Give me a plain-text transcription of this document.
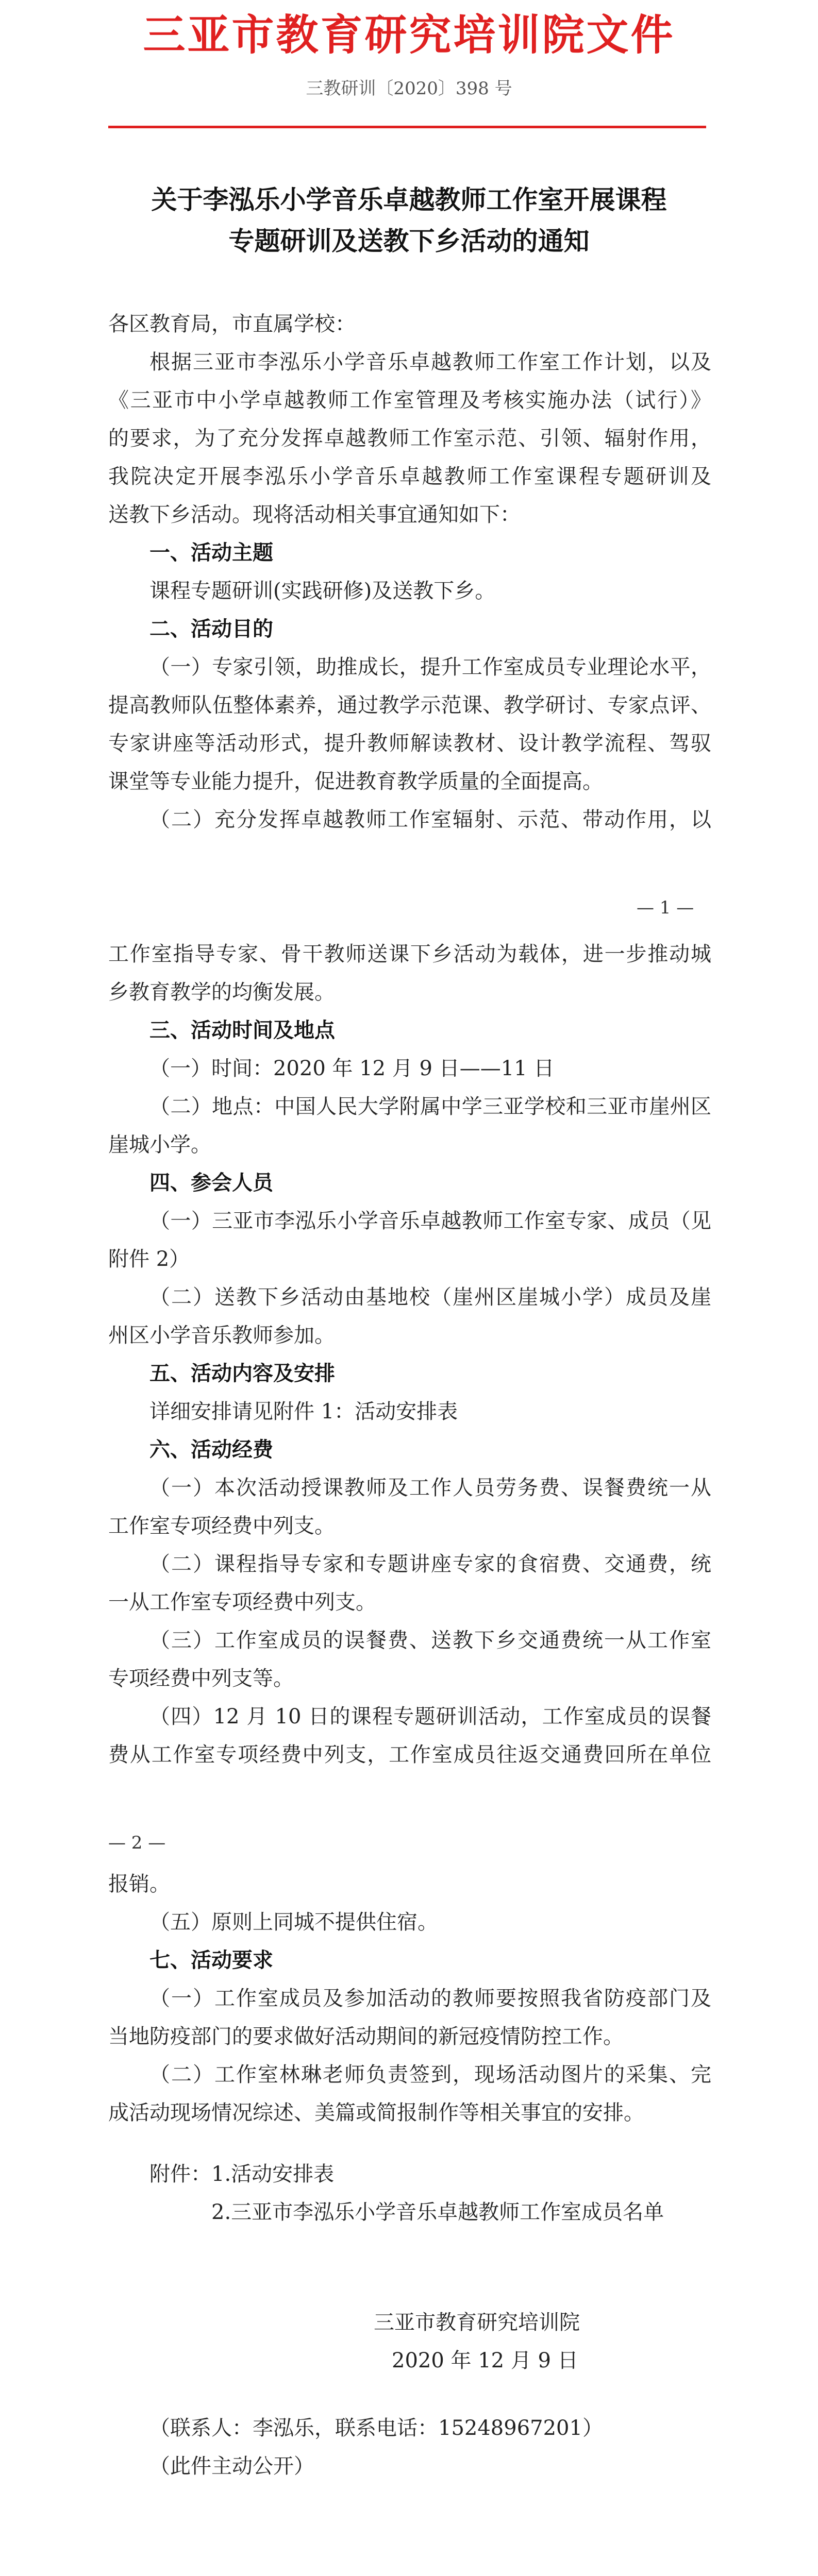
三亚市教育研究培训院文件
三教研训〔2020〕398 号
关于李泓乐小学音乐卓越教师工作室开展课程
专题研训及送教下乡活动的通知
各区教育局，市直属学校：
根据三亚市李泓乐小学音乐卓越教师工作室工作计划，以及
《三亚市中小学卓越教师工作室管理及考核实施办法（试行）》
的要求，为了充分发挥卓越教师工作室示范、引领、辐射作用，
我院决定开展李泓乐小学音乐卓越教师工作室课程专题研训及
送教下乡活动。现将活动相关事宜通知如下：
一、活动主题
课程专题研训(实践研修)及送教下乡。
二、活动目的
（一）专家引领，助推成长，提升工作室成员专业理论水平，
提高教师队伍整体素养，通过教学示范课、教学研讨、专家点评、
专家讲座等活动形式，提升教师解读教材、设计教学流程、驾驭
课堂等专业能力提升，促进教育教学质量的全面提高。
（二）充分发挥卓越教师工作室辐射、示范、带动作用，以
— 1 —
工作室指导专家、骨干教师送课下乡活动为载体，进一步推动城
乡教育教学的均衡发展。
三、活动时间及地点
（一）时间：2020 年 12 月 9 日——11 日
（二）地点：中国人民大学附属中学三亚学校和三亚市崖州区
崖城小学。
四、参会人员
（一）三亚市李泓乐小学音乐卓越教师工作室专家、成员（见
附件 2）
（二）送教下乡活动由基地校（崖州区崖城小学）成员及崖
州区小学音乐教师参加。
五、活动内容及安排
详细安排请见附件 1：活动安排表
六、活动经费
（一）本次活动授课教师及工作人员劳务费、误餐费统一从
工作室专项经费中列支。
（二）课程指导专家和专题讲座专家的食宿费、交通费，统
一从工作室专项经费中列支。
（三）工作室成员的误餐费、送教下乡交通费统一从工作室
专项经费中列支等。
（四）12 月 10 日的课程专题研训活动，工作室成员的误餐
费从工作室专项经费中列支，工作室成员往返交通费回所在单位
— 2 —
报销。
（五）原则上同城不提供住宿。
七、活动要求
（一）工作室成员及参加活动的教师要按照我省防疫部门及
当地防疫部门的要求做好活动期间的新冠疫情防控工作。
（二）工作室林琳老师负责签到，现场活动图片的采集、完
成活动现场情况综述、美篇或简报制作等相关事宜的安排。
附件： 1.活动安排表
2.三亚市李泓乐小学音乐卓越教师工作室成员名单
三亚市教育研究培训院
2020 年 12 月 9 日
（联系人：李泓乐，联系电话：15248967201）
（此件主动公开）
